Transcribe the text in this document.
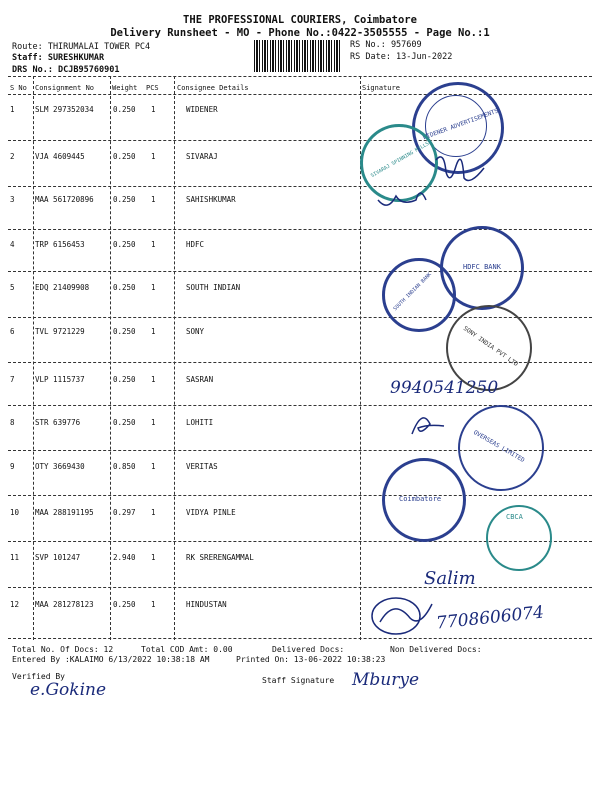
THE PROFESSIONAL COURIERS, Coimbatore
Delivery Runsheet - MO - Phone No.:0422-3505555 - Page No.:1
Route: THIRUMALAI TOWER PC4
Staff: SURESHKUMAR
DRS No.: DCJB95760901
RS No.: 957609
RS Date: 13-Jun-2022
S No Consignment No	Weight PCS	Consignee Details	Signature
1	SLM 297352034	0.250 1	WIDENER
2	VJA 4609445	0.250 1	SIVARAJ
3	MAA 561720896	0.250 1	SAHISHKUMAR
4	TRP 6156453	0.250 1	HDFC
5	EDQ 21409908	0.250 1	SOUTH INDIAN
6	TVL 9721229	0.250 1	SONY
7	VLP 1115737	0.250 1	SASRAN
8	STR 639776	0.250 1	LOHITI
9	OTY 3669430	0.850 1	VERITAS
10 MAA 288191195	0.297 1	VIDYA PINLE
11 SVP 101247	2.940 1	RK SRERENGAMMAL
12 MAA 281278123	0.250 1	HINDUSTAN
Total No. Of Docs: 12	Total COD Amt: 0.00	Delivered Docs:	Non Delivered Docs:
Entered By :KALAIMO 6/13/2022 10:38:18 AM	Printed On: 13-06-2022 10:38:23
Verified By	Staff Signature
WIDENER ADVERTISEMENTS
SIVARAJ SPINNING MILLS
HDFC BANK
SOUTH INDIAN BANK
SONY INDIA PVT LTD
OVERSEAS LIMITED
Coimbatore
CBCA
9940541250
Salim
7708606074
e.Gokine	Mburye
